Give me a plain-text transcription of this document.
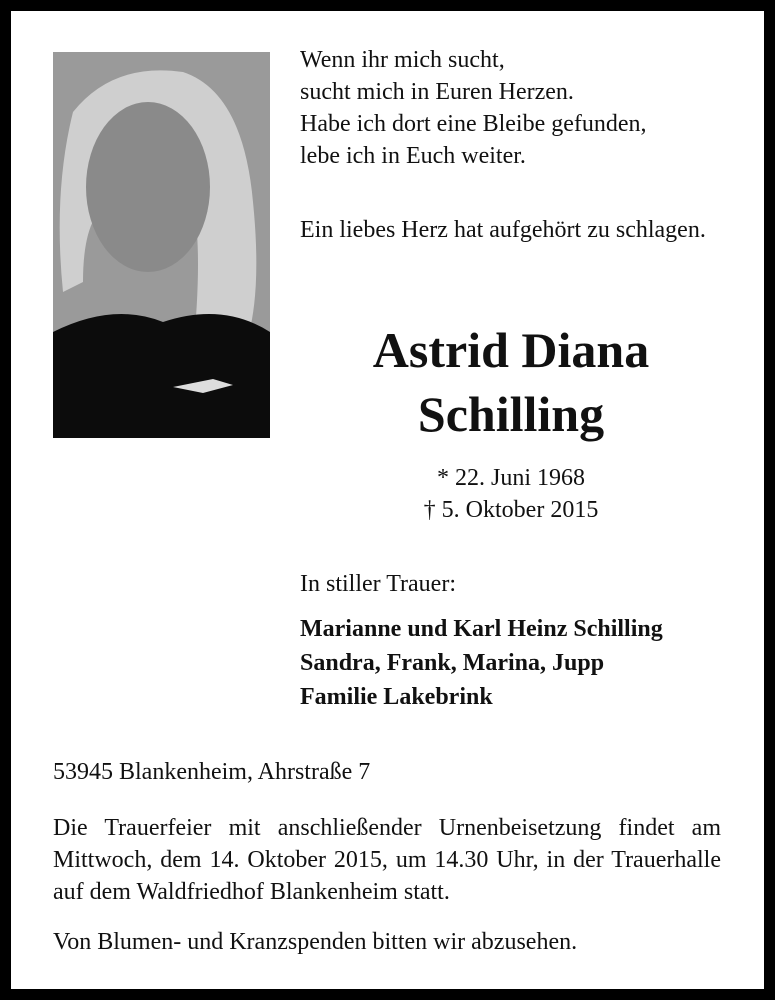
Wenn ihr mich sucht,
sucht mich in Euren Herzen.
Habe ich dort eine Bleibe gefunden,
lebe ich in Euch weiter.
Ein liebes Herz hat aufgehört zu schlagen.
Astrid Diana
Schilling
* 22. Juni 1968
† 5. Oktober 2015
In stiller Trauer:
Marianne und Karl Heinz Schilling
Sandra, Frank, Marina, Jupp
Familie Lakebrink
53945 Blankenheim, Ahrstraße 7
Die Trauerfeier mit anschließender Urnenbeisetzung findet am Mittwoch, dem 14. Oktober 2015, um 14.30 Uhr, in der Trauerhalle auf dem Waldfriedhof Blankenheim statt.
Von Blumen- und Kranzspenden bitten wir abzusehen.
